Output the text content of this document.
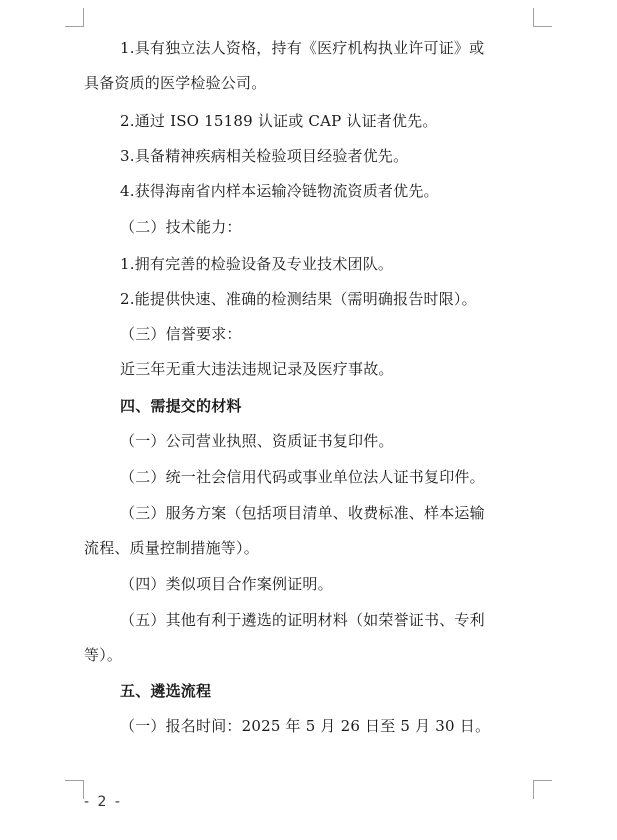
1.具有独立法人资格，持有《医疗机构执业许可证》或
具备资质的医学检验公司。
2.通过 ISO 15189 认证或 CAP 认证者优先。
3.具备精神疾病相关检验项目经验者优先。
4.获得海南省内样本运输冷链物流资质者优先。
（二）技术能力：
1.拥有完善的检验设备及专业技术团队。
2.能提供快速、准确的检测结果（需明确报告时限）。
（三）信誉要求：
近三年无重大违法违规记录及医疗事故。
四、需提交的材料
（一）公司营业执照、资质证书复印件。
（二）统一社会信用代码或事业单位法人证书复印件。
（三）服务方案（包括项目清单、收费标准、样本运输
流程、质量控制措施等）。
（四）类似项目合作案例证明。
（五）其他有利于遴选的证明材料（如荣誉证书、专利
等）。
五、遴选流程
（一）报名时间：2025 年 5 月 26 日至 5 月 30 日。
- 2 -
